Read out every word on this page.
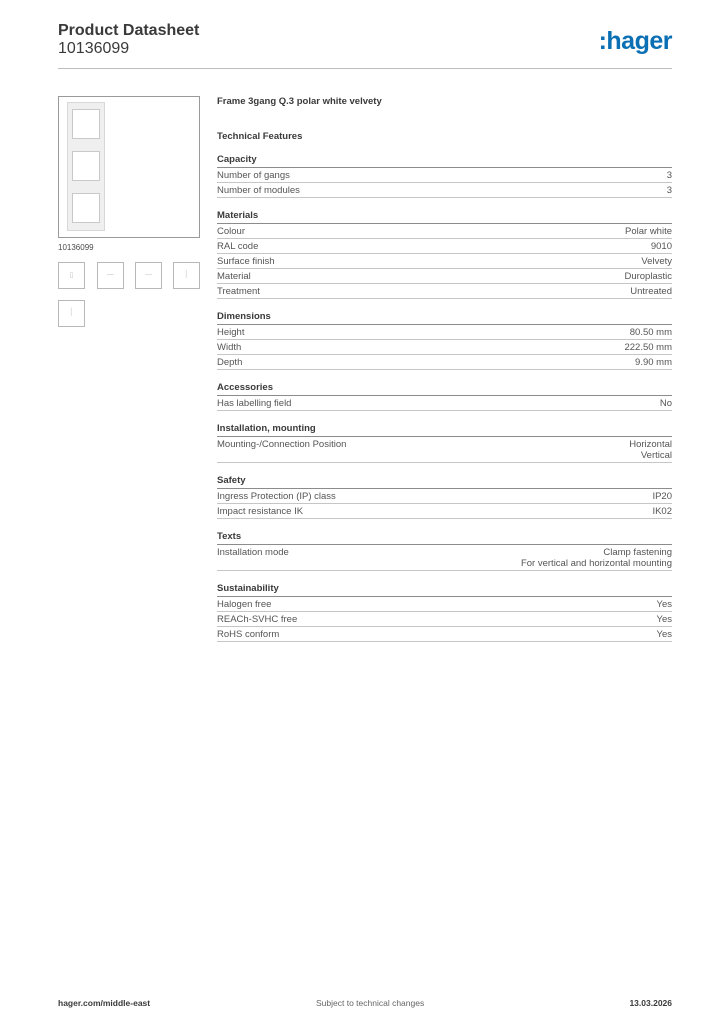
Product Datasheet
10136099	:hager
10136099
▯	—	—	│
│
Frame 3gang Q.3 polar white velvety
Technical Features
Capacity
Number of gangs	3
Number of modules	3
Materials
Colour	Polar white
RAL code	9010
Surface finish	Velvety
Material	Duroplastic
Treatment	Untreated
Dimensions
Height	80.50 mm
Width	222.50 mm
Depth	9.90 mm
Accessories
Has labelling field	No
Installation, mounting
Mounting-/Connection Position	Horizontal
Vertical
Safety
Ingress Protection (IP) class	IP20
Impact resistance IK	IK02
Texts
Installation mode	Clamp fastening
For vertical and horizontal mounting
Sustainability
Halogen free	Yes
REACh-SVHC free	Yes
RoHS conform	Yes
hager.com/middle-east	Subject to technical changes	13.03.2026
